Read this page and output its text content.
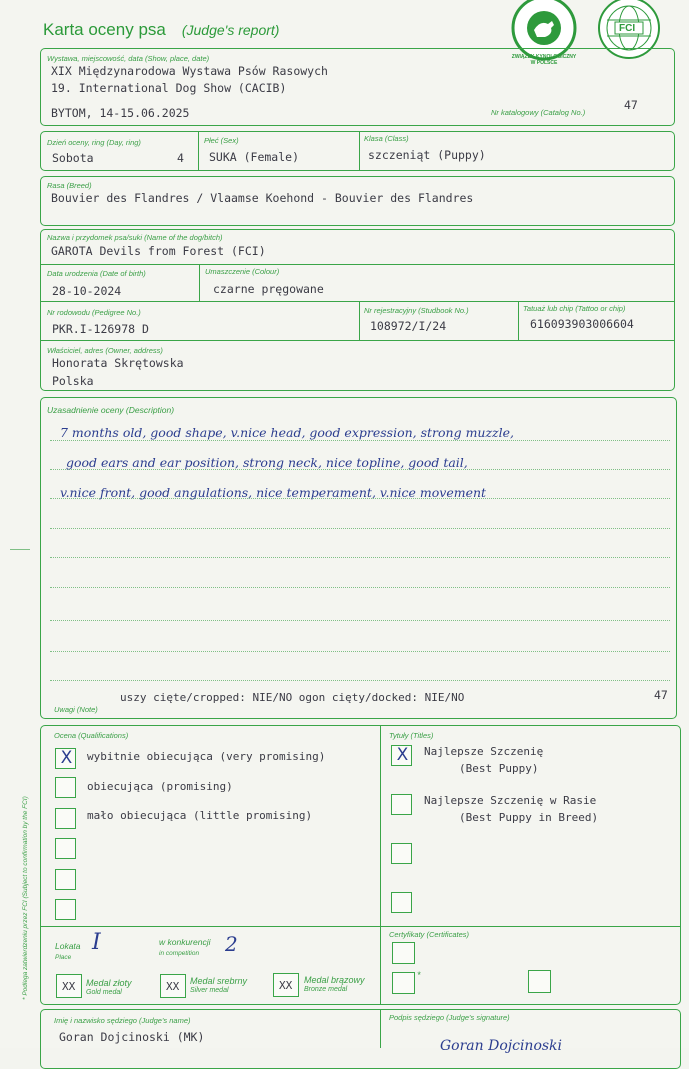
Karta oceny psa (Judge's report)
ZWIĄZEK KYNOLOGICZNY W POLSCE
FCI
Wystawa, miejscowość, data (Show, place, date)
XIX Międzynarodowa Wystawa Psów Rasowych
19. International Dog Show (CACIB)
BYTOM, 14-15.06.2025	Nr katalogowy (Catalog No.)
47
Dzień oceny, ring (Day, ring)
Sobota	4
Płeć (Sex)
SUKA (Female)
Klasa (Class)
szczeniąt (Puppy)
Rasa (Breed)
Bouvier des Flandres / Vlaamse Koehond - Bouvier des Flandres
Nazwa i przydomek psa/suki (Name of the dog/bitch)
GAROTA Devils from Forest (FCI)
Data urodzenia (Date of birth)
28-10-2024
Umaszczenie (Colour)
czarne pręgowane
Nr rodowodu (Pedigree No.)
PKR.I-126978 D
Nr rejestracyjny (Studbook No.)
108972/I/24
Tatuaż lub chip (Tattoo or chip)
616093903006604
Właściciel, adres (Owner, address)
Honorata Skrętowska
Polska
Uzasadnienie oceny (Description)
7 months old, good shape, v.nice head, good expression, strong muzzle,
good ears and ear position, strong neck, nice topline, good tail,
v.nice front, good angulations, nice temperament, v.nice movement
Uwagi (Note)
uszy cięte/cropped: NIE/NO ogon cięty/docked: NIE/NO	47
Ocena (Qualifications)
X	wybitnie obiecująca (very promising)
obiecująca (promising)
mało obiecująca (little promising)
Tytuły (Titles)
X	Najlepsze Szczenię
(Best Puppy)
Najlepsze Szczenię w Rasie
(Best Puppy in Breed)
Lokata
Place
I	w konkurencji
in competition	2
XX Medal złoty
Gold medal	XX Medal srebrny
Silver medal	XX Medal brązowy
Bronze medal
Certyfikaty (Certificates)
*
Imię i nazwisko sędziego (Judge's name)
Goran Dojcinoski (MK)
Podpis sędziego (Judge's signature)
Goran Dojcinoski
* Podlega zatwierdzeniu przez FCI (Subject to confirmation by the FCI)
